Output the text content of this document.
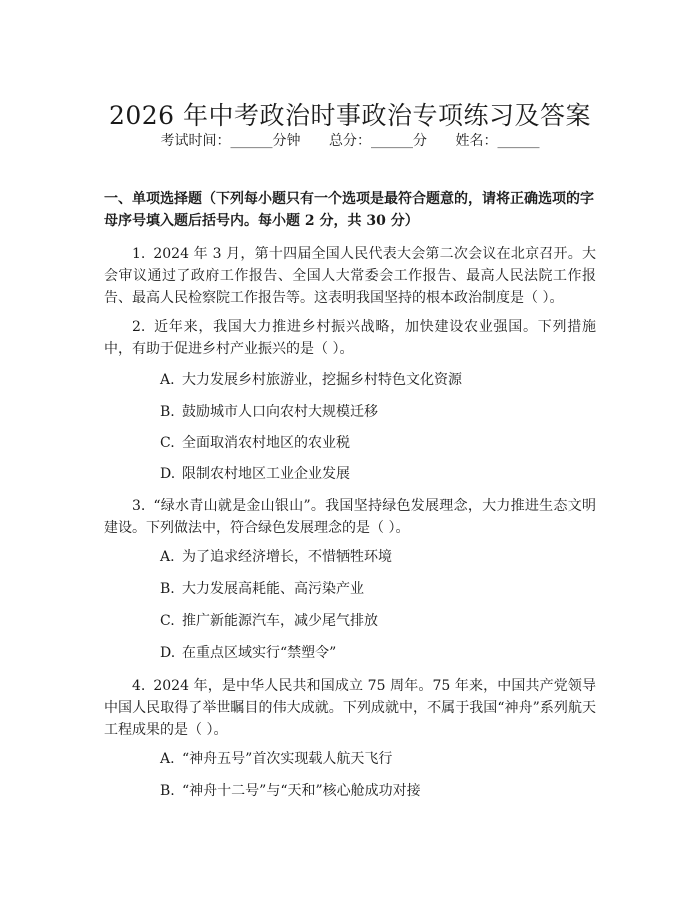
2026 年中考政治时事政治专项练习及答案
考试时间：______分钟 总分：______分 姓名：______
一、单项选择题（下列每小题只有一个选项是最符合题意的，请将正确选项的字母序号填入题后括号内。每小题 2 分，共 30 分）
1. 2024 年 3 月，第十四届全国人民代表大会第二次会议在北京召开。大会审议通过了政府工作报告、全国人大常委会工作报告、最高人民法院工作报告、最高人民检察院工作报告等。这表明我国坚持的根本政治制度是（ ）。
2. 近年来，我国大力推进乡村振兴战略，加快建设农业强国。下列措施中，有助于促进乡村产业振兴的是（ ）。
A. 大力发展乡村旅游业，挖掘乡村特色文化资源
B. 鼓励城市人口向农村大规模迁移
C. 全面取消农村地区的农业税
D. 限制农村地区工业企业发展
3. “绿水青山就是金山银山”。我国坚持绿色发展理念，大力推进生态文明建设。下列做法中，符合绿色发展理念的是（ ）。
A. 为了追求经济增长，不惜牺牲环境
B. 大力发展高耗能、高污染产业
C. 推广新能源汽车，减少尾气排放
D. 在重点区域实行“禁塑令”
4. 2024 年，是中华人民共和国成立 75 周年。75 年来，中国共产党领导中国人民取得了举世瞩目的伟大成就。下列成就中，不属于我国“神舟”系列航天工程成果的是（ ）。
A. “神舟五号”首次实现载人航天飞行
B. “神舟十二号”与“天和”核心舱成功对接
